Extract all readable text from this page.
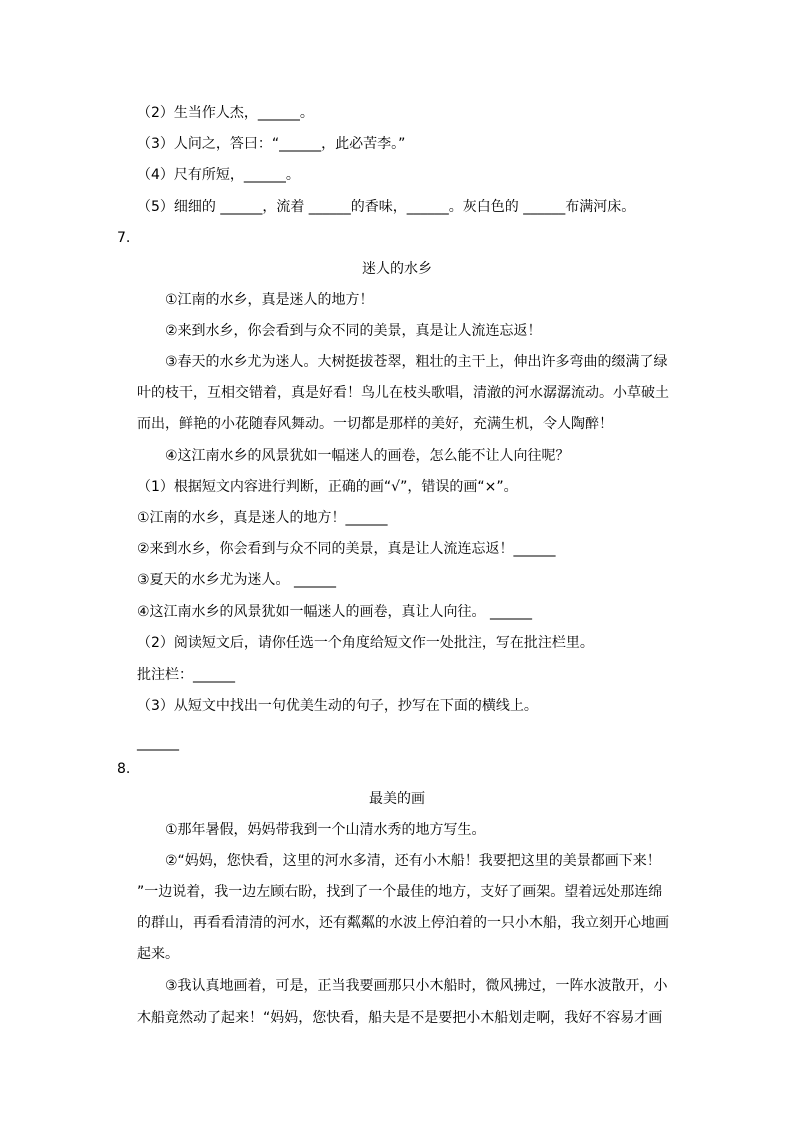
（2）生当作人杰，______。
（3）人问之，答曰：“______，此必苦李。”
（4）尺有所短，______。
（5）细细的 ______，流着 ______的香味，______。灰白色的 ______布满河床。
7.
迷人的水乡
①江南的水乡，真是迷人的地方！
②来到水乡，你会看到与众不同的美景，真是让人流连忘返！
③春天的水乡尤为迷人。大树挺拔苍翠，粗壮的主干上，伸出许多弯曲的缀满了绿
叶的枝干，互相交错着，真是好看！鸟儿在枝头歌唱，清澈的河水潺潺流动。小草破土
而出，鲜艳的小花随春风舞动。一切都是那样的美好，充满生机，令人陶醉！
④这江南水乡的风景犹如一幅迷人的画卷，怎么能不让人向往呢？
（1）根据短文内容进行判断，正确的画“√”，错误的画“×”。
①江南的水乡，真是迷人的地方！______
②来到水乡，你会看到与众不同的美景，真是让人流连忘返！______
③夏天的水乡尤为迷人。 ______
④这江南水乡的风景犹如一幅迷人的画卷，真让人向往。 ______
（2）阅读短文后，请你任选一个角度给短文作一处批注，写在批注栏里。
批注栏：______
（3）从短文中找出一句优美生动的句子，抄写在下面的横线上。
______
8.
最美的画
①那年暑假，妈妈带我到一个山清水秀的地方写生。
②“妈妈，您快看，这里的河水多清，还有小木船！我要把这里的美景都画下来！
”一边说着，我一边左顾右盼，找到了一个最佳的地方，支好了画架。望着远处那连绵
的群山，再看看清清的河水，还有粼粼的水波上停泊着的一只小木船，我立刻开心地画
起来。
③我认真地画着，可是，正当我要画那只小木船时，微风拂过，一阵水波散开，小
木船竟然动了起来！“妈妈，您快看，船夫是不是要把小木船划走啊，我好不容易才画
